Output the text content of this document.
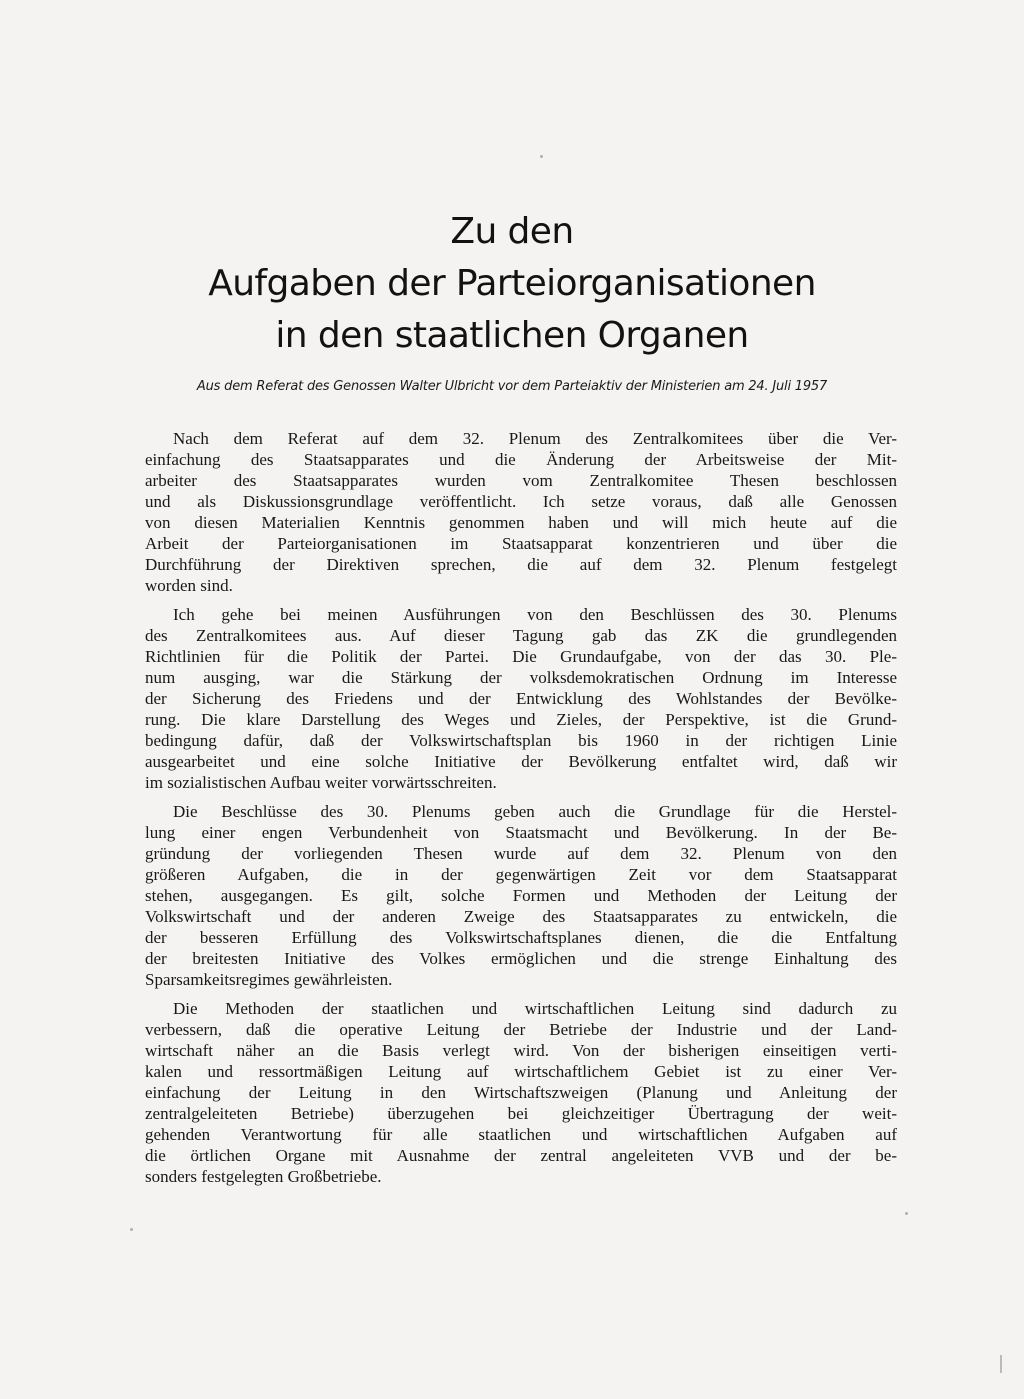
Zu den
Aufgaben der Parteiorganisationen
in den staatlichen Organen
Aus dem Referat des Genossen Walter Ulbricht vor dem Parteiaktiv der Ministerien am 24. Juli 1957
Nach dem Referat auf dem 32. Plenum des Zentralkomitees über die Ver-
einfachung des Staatsapparates und die Änderung der Arbeitsweise der Mit-
arbeiter des Staatsapparates wurden vom Zentralkomitee Thesen beschlossen
und als Diskussionsgrundlage veröffentlicht. Ich setze voraus, daß alle Genossen
von diesen Materialien Kenntnis genommen haben und will mich heute auf die
Arbeit der Parteiorganisationen im Staatsapparat konzentrieren und über die
Durchführung der Direktiven sprechen, die auf dem 32. Plenum festgelegt
worden sind.
Ich gehe bei meinen Ausführungen von den Beschlüssen des 30. Plenums
des Zentralkomitees aus. Auf dieser Tagung gab das ZK die grundlegenden
Richtlinien für die Politik der Partei. Die Grundaufgabe, von der das 30. Ple-
num ausging, war die Stärkung der volksdemokratischen Ordnung im Interesse
der Sicherung des Friedens und der Entwicklung des Wohlstandes der Bevölke-
rung. Die klare Darstellung des Weges und Zieles, der Perspektive, ist die Grund-
bedingung dafür, daß der Volkswirtschaftsplan bis 1960 in der richtigen Linie
ausgearbeitet und eine solche Initiative der Bevölkerung entfaltet wird, daß wir
im sozialistischen Aufbau weiter vorwärtsschreiten.
Die Beschlüsse des 30. Plenums geben auch die Grundlage für die Herstel-
lung einer engen Verbundenheit von Staatsmacht und Bevölkerung. In der Be-
gründung der vorliegenden Thesen wurde auf dem 32. Plenum von den
größeren Aufgaben, die in der gegenwärtigen Zeit vor dem Staatsapparat
stehen, ausgegangen. Es gilt, solche Formen und Methoden der Leitung der
Volkswirtschaft und der anderen Zweige des Staatsapparates zu entwickeln, die
der besseren Erfüllung des Volkswirtschaftsplanes dienen, die die Entfaltung
der breitesten Initiative des Volkes ermöglichen und die strenge Einhaltung des
Sparsamkeitsregimes gewährleisten.
Die Methoden der staatlichen und wirtschaftlichen Leitung sind dadurch zu
verbessern, daß die operative Leitung der Betriebe der Industrie und der Land-
wirtschaft näher an die Basis verlegt wird. Von der bisherigen einseitigen verti-
kalen und ressortmäßigen Leitung auf wirtschaftlichem Gebiet ist zu einer Ver-
einfachung der Leitung in den Wirtschaftszweigen (Planung und Anleitung der
zentralgeleiteten Betriebe) überzugehen bei gleichzeitiger Übertragung der weit-
gehenden Verantwortung für alle staatlichen und wirtschaftlichen Aufgaben auf
die örtlichen Organe mit Ausnahme der zentral angeleiteten VVB und der be-
sonders festgelegten Großbetriebe.
